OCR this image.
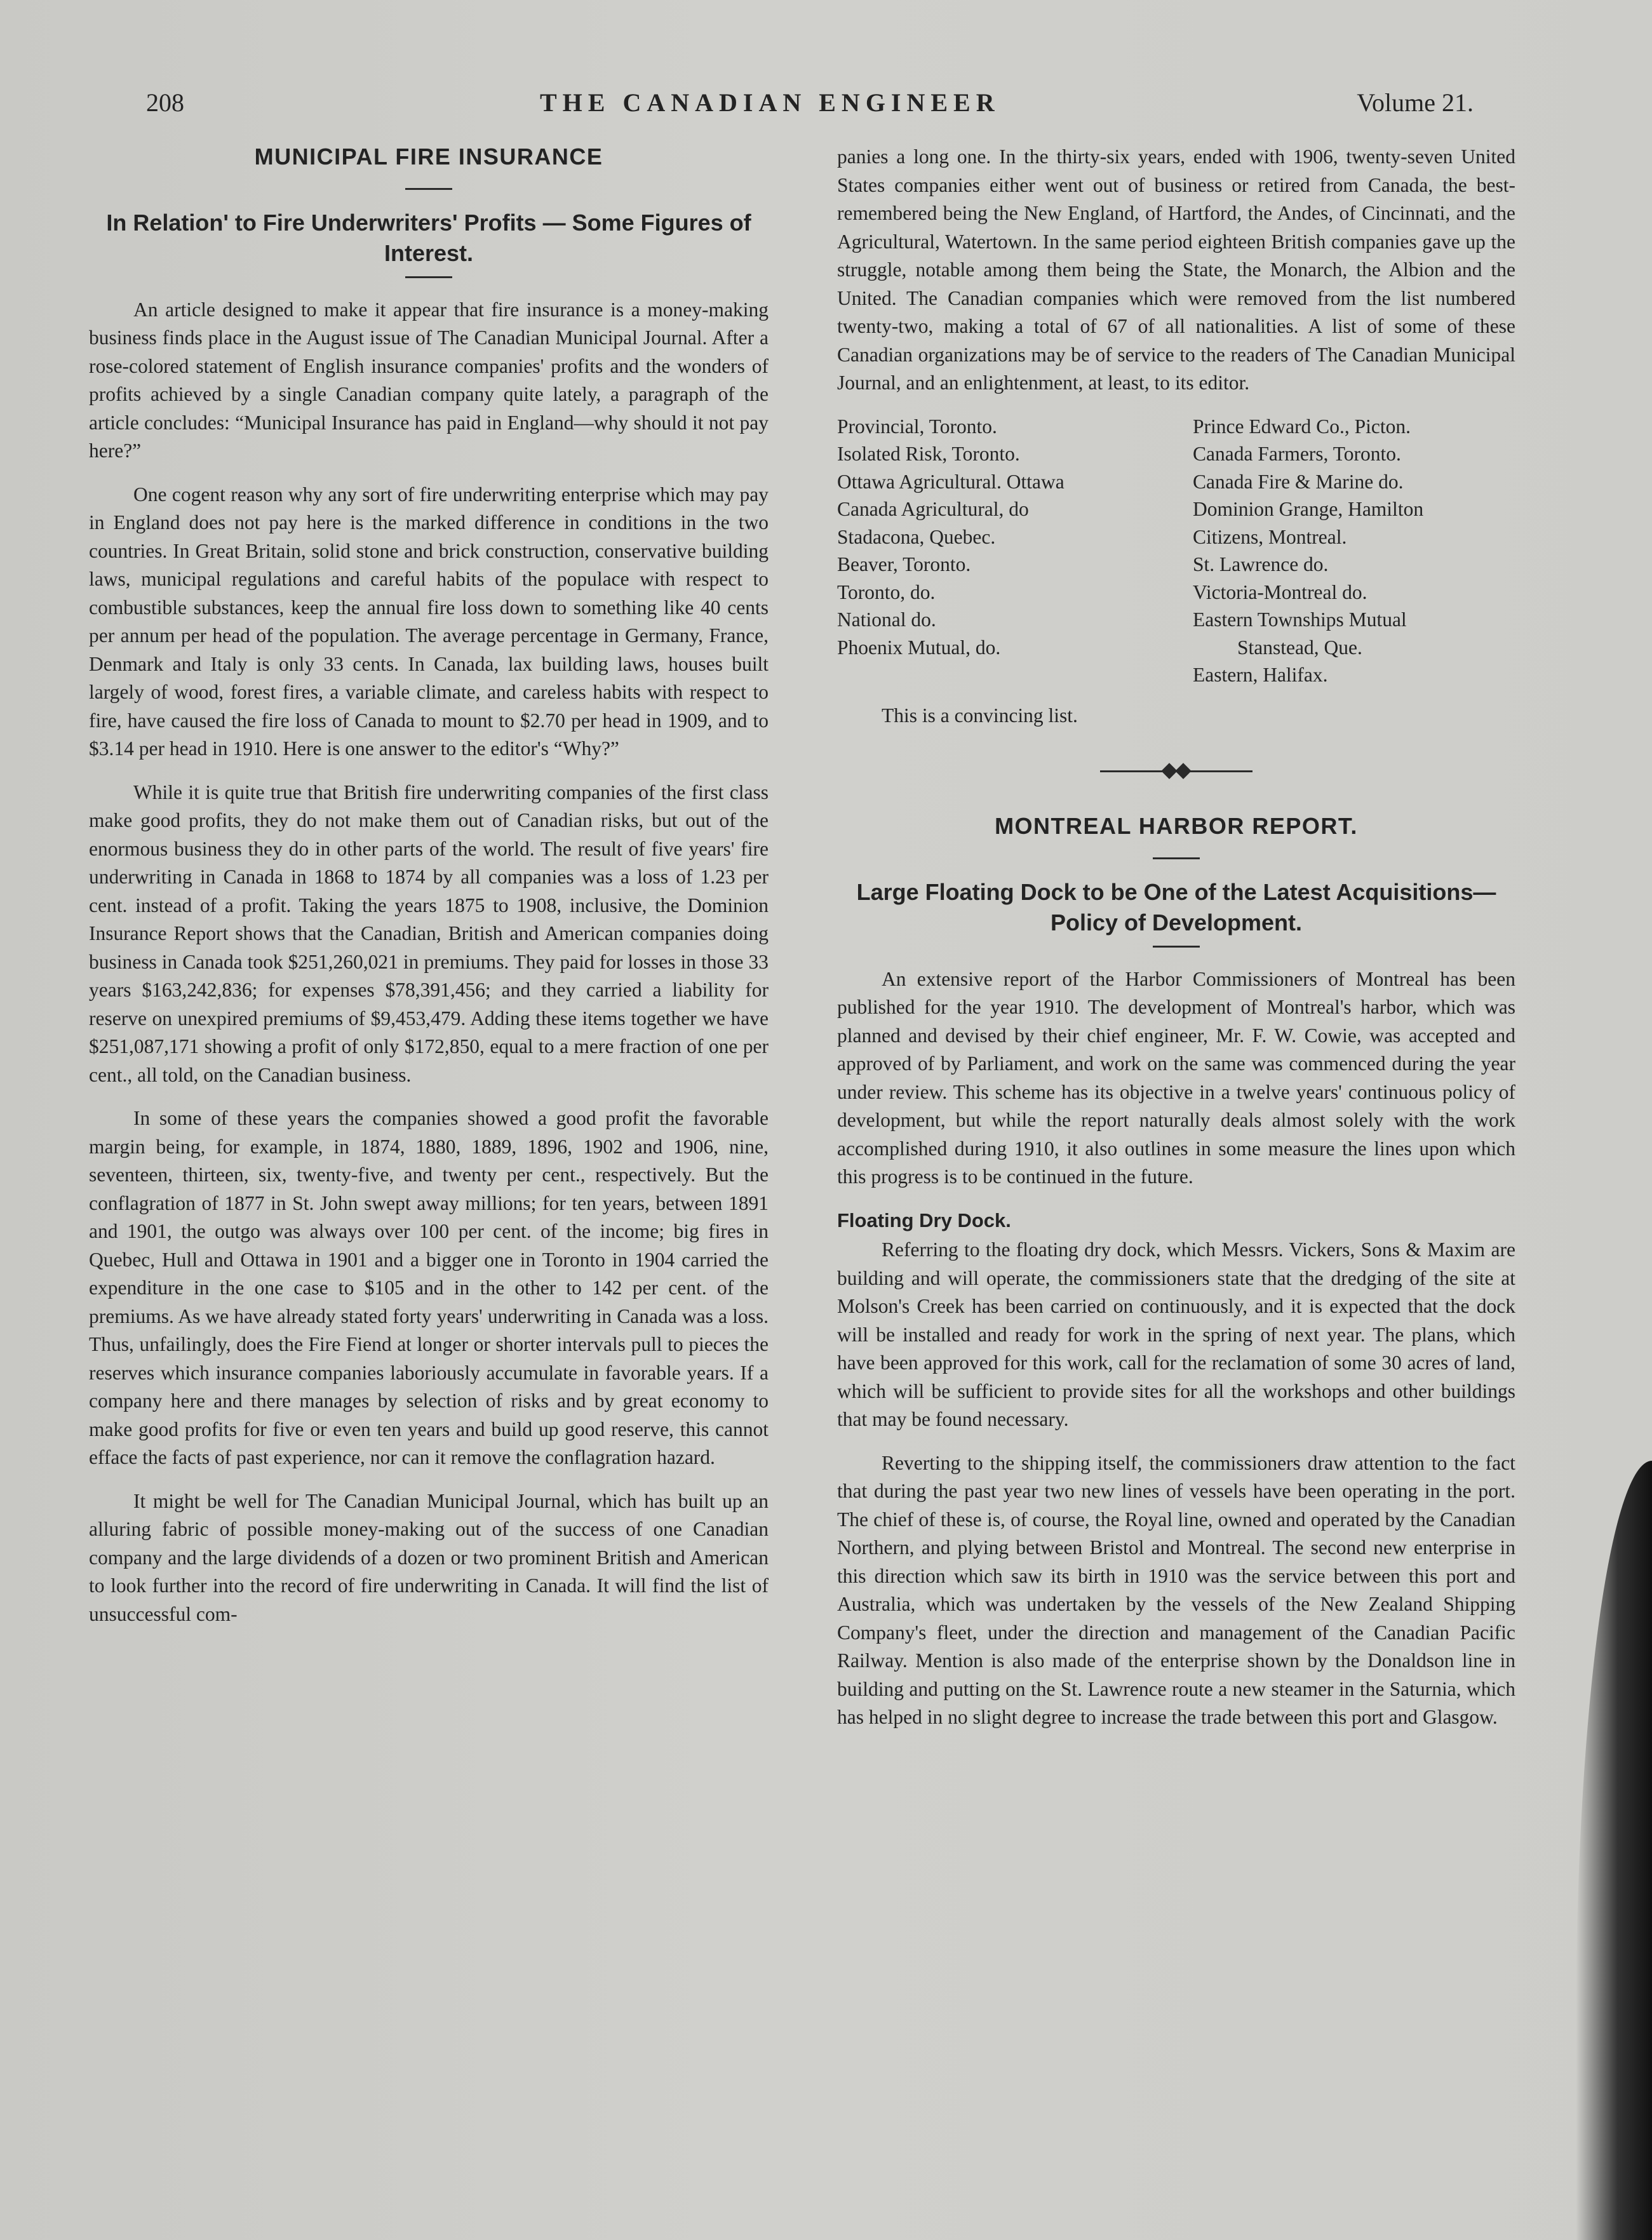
208	THE CANADIAN ENGINEER	Volume 21.
MUNICIPAL FIRE INSURANCE
In Relation' to Fire Underwriters' Profits — Some Figures of Interest.

An article designed to make it appear that fire insurance is a money-making business finds place in the August issue of The Canadian Municipal Journal. After a rose-colored statement of English insurance companies' profits and the wonders of profits achieved by a single Canadian company quite lately, a paragraph of the article concludes: “Municipal Insurance has paid in England—why should it not pay here?”

One cogent reason why any sort of fire underwriting enterprise which may pay in England does not pay here is the marked difference in conditions in the two countries. In Great Britain, solid stone and brick construction, conservative building laws, municipal regulations and careful habits of the populace with respect to combustible substances, keep the annual fire loss down to something like 40 cents per annum per head of the population. The average percentage in Germany, France, Denmark and Italy is only 33 cents. In Canada, lax building laws, houses built largely of wood, forest fires, a variable climate, and careless habits with respect to fire, have caused the fire loss of Canada to mount to $2.70 per head in 1909, and to $3.14 per head in 1910. Here is one answer to the editor's “Why?”

While it is quite true that British fire underwriting companies of the first class make good profits, they do not make them out of Canadian risks, but out of the enormous business they do in other parts of the world. The result of five years' fire underwriting in Canada in 1868 to 1874 by all companies was a loss of 1.23 per cent. instead of a profit. Taking the years 1875 to 1908, inclusive, the Dominion Insurance Report shows that the Canadian, British and American companies doing business in Canada took $251,260,021 in premiums. They paid for losses in those 33 years $163,242,836; for expenses $78,391,456; and they carried a liability for reserve on unexpired premiums of $9,453,479. Adding these items together we have $251,087,171 showing a profit of only $172,850, equal to a mere fraction of one per cent., all told, on the Canadian business.

In some of these years the companies showed a good profit the favorable margin being, for example, in 1874, 1880, 1889, 1896, 1902 and 1906, nine, seventeen, thirteen, six, twenty-five, and twenty per cent., respectively. But the conflagration of 1877 in St. John swept away millions; for ten years, between 1891 and 1901, the outgo was always over 100 per cent. of the income; big fires in Quebec, Hull and Ottawa in 1901 and a bigger one in Toronto in 1904 carried the expenditure in the one case to $105 and in the other to 142 per cent. of the premiums. As we have already stated forty years' underwriting in Canada was a loss. Thus, unfailingly, does the Fire Fiend at longer or shorter intervals pull to pieces the reserves which insurance companies laboriously accumulate in favorable years. If a company here and there manages by selection of risks and by great economy to make good profits for five or even ten years and build up good reserve, this cannot efface the facts of past experience, nor can it remove the conflagration hazard.

It might be well for The Canadian Municipal Journal, which has built up an alluring fabric of possible money-making out of the success of one Canadian company and the large dividends of a dozen or two prominent British and American to look further into the record of fire underwriting in Canada. It will find the list of unsuccessful com-

panies a long one. In the thirty-six years, ended with 1906, twenty-seven United States companies either went out of business or retired from Canada, the best-remembered being the New England, of Hartford, the Andes, of Cincinnati, and the Agricultural, Watertown. In the same period eighteen British companies gave up the struggle, notable among them being the State, the Monarch, the Albion and the United. The Canadian companies which were removed from the list numbered twenty-two, making a total of 67 of all nationalities. A list of some of these Canadian organizations may be of service to the readers of The Canadian Municipal Journal, and an enlightenment, at least, to its editor.

Provincial, Toronto.
Isolated Risk, Toronto.
Ottawa Agricultural. Ottawa
Canada Agricultural, do
Stadacona, Quebec.
Beaver, Toronto.
Toronto, do.
National do.
Phoenix Mutual, do.
Prince Edward Co., Picton.
Canada Farmers, Toronto.
Canada Fire & Marine do.
Dominion Grange, Hamilton
Citizens, Montreal.
St. Lawrence do.
Victoria-Montreal do.
Eastern Townships Mutual
Stanstead, Que.
Eastern, Halifax.

This is a convincing list.

MONTREAL HARBOR REPORT.
Large Floating Dock to be One of the Latest Acquisitions—Policy of Development.

An extensive report of the Harbor Commissioners of Montreal has been published for the year 1910. The development of Montreal's harbor, which was planned and devised by their chief engineer, Mr. F. W. Cowie, was accepted and approved of by Parliament, and work on the same was commenced during the year under review. This scheme has its objective in a twelve years' continuous policy of development, but while the report naturally deals almost solely with the work accomplished during 1910, it also outlines in some measure the lines upon which this progress is to be continued in the future.

Floating Dry Dock.

Referring to the floating dry dock, which Messrs. Vickers, Sons & Maxim are building and will operate, the commissioners state that the dredging of the site at Molson's Creek has been carried on continuously, and it is expected that the dock will be installed and ready for work in the spring of next year. The plans, which have been approved for this work, call for the reclamation of some 30 acres of land, which will be sufficient to provide sites for all the workshops and other buildings that may be found necessary.

Reverting to the shipping itself, the commissioners draw attention to the fact that during the past year two new lines of vessels have been operating in the port. The chief of these is, of course, the Royal line, owned and operated by the Canadian Northern, and plying between Bristol and Montreal. The second new enterprise in this direction which saw its birth in 1910 was the service between this port and Australia, which was undertaken by the vessels of the New Zealand Shipping Company's fleet, under the direction and management of the Canadian Pacific Railway. Mention is also made of the enterprise shown by the Donaldson line in building and putting on the St. Lawrence route a new steamer in the Saturnia, which has helped in no slight degree to increase the trade between this port and Glasgow.
